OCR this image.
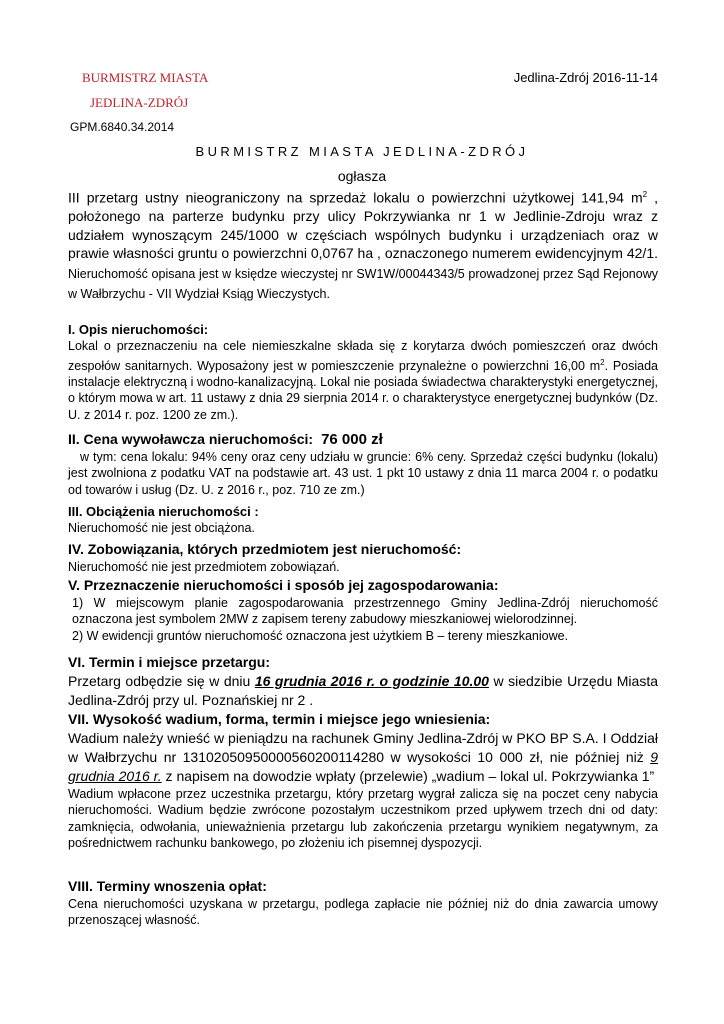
BURMISTRZ MIASTA
JEDLINA-ZDRÓJ
Jedlina-Zdrój 2016-11-14
GPM.6840.34.2014
BURMISTRZ MIASTA JEDLINA-ZDRÓJ
ogłasza

III przetarg ustny nieograniczony na sprzedaż lokalu o powierzchni użytkowej 141,94 $m^2$ , położonego na parterze budynku przy ulicy Pokrzywianka nr 1 w Jedlinie-Zdroju wraz z udziałem wynoszącym 245/1000 w częściach wspólnych budynku i urządzeniach oraz w prawie własności gruntu o powierzchni 0,0767 ha , oznaczonego numerem ewidencyjnym 42/1. Nieruchomość opisana jest w księdze wieczystej nr SW1W/00044343/5 prowadzonej przez Sąd Rejonowy w Wałbrzychu - VII Wydział Ksiąg Wieczystych.

I. Opis nieruchomości:

Lokal o przeznaczeniu na cele niemieszkalne składa się z korytarza dwóch pomieszczeń oraz dwóch zespołów sanitarnych. Wyposażony jest w pomieszczenie przynależne o powierzchni 16,00 $m^2$. Posiada instalacje elektryczną i wodno-kanalizacyjną. Lokal nie posiada świadectwa charakterystyki energetycznej, o którym mowa w art. 11 ustawy z dnia 29 sierpnia 2014 r. o charakterystyce energetycznej budynków (Dz. U. z 2014 r. poz. 1200 ze zm.).

II. Cena wywoławcza nieruchomości: 76 000 zł

w tym: cena lokalu: 94% ceny oraz ceny udziału w gruncie: 6% ceny. Sprzedaż części budynku (lokalu) jest zwolniona z podatku VAT na podstawie art. 43 ust. 1 pkt 10 ustawy z dnia 11 marca 2004 r. o podatku od towarów i usług (Dz. U. z 2016 r., poz. 710 ze zm.)

III. Obciążenia nieruchomości :

Nieruchomość nie jest obciążona.

IV. Zobowiązania, których przedmiotem jest nieruchomość:

Nieruchomość nie jest przedmiotem zobowiązań.

V. Przeznaczenie nieruchomości i sposób jej zagospodarowania:

1) W miejscowym planie zagospodarowania przestrzennego Gminy Jedlina-Zdrój nieruchomość oznaczona jest symbolem 2MW z zapisem tereny zabudowy mieszkaniowej wielorodzinnej.

2) W ewidencji gruntów nieruchomość oznaczona jest użytkiem B – tereny mieszkaniowe.

VI. Termin i miejsce przetargu:

Przetarg odbędzie się w dniu 16 grudnia 2016 r. o godzinie 10.00 w siedzibie Urzędu Miasta Jedlina-Zdrój przy ul. Poznańskiej nr 2 .

VII. Wysokość wadium, forma, termin i miejsce jego wniesienia:

Wadium należy wnieść w pieniądzu na rachunek Gminy Jedlina-Zdrój w PKO BP S.A. I Oddział w Wałbrzychu nr 13102050950000560200114280 w wysokości 10 000 zł, nie później niż 9 grudnia 2016 r. z napisem na dowodzie wpłaty (przelewie) „wadium – lokal ul. Pokrzywianka 1”

Wadium wpłacone przez uczestnika przetargu, który przetarg wygrał zalicza się na poczet ceny nabycia nieruchomości. Wadium będzie zwrócone pozostałym uczestnikom przed upływem trzech dni od daty: zamknięcia, odwołania, unieważnienia przetargu lub zakończenia przetargu wynikiem negatywnym, za pośrednictwem rachunku bankowego, po złożeniu ich pisemnej dyspozycji.

VIII. Terminy wnoszenia opłat:

Cena nieruchomości uzyskana w przetargu, podlega zapłacie nie później niż do dnia zawarcia umowy przenoszącej własność.
